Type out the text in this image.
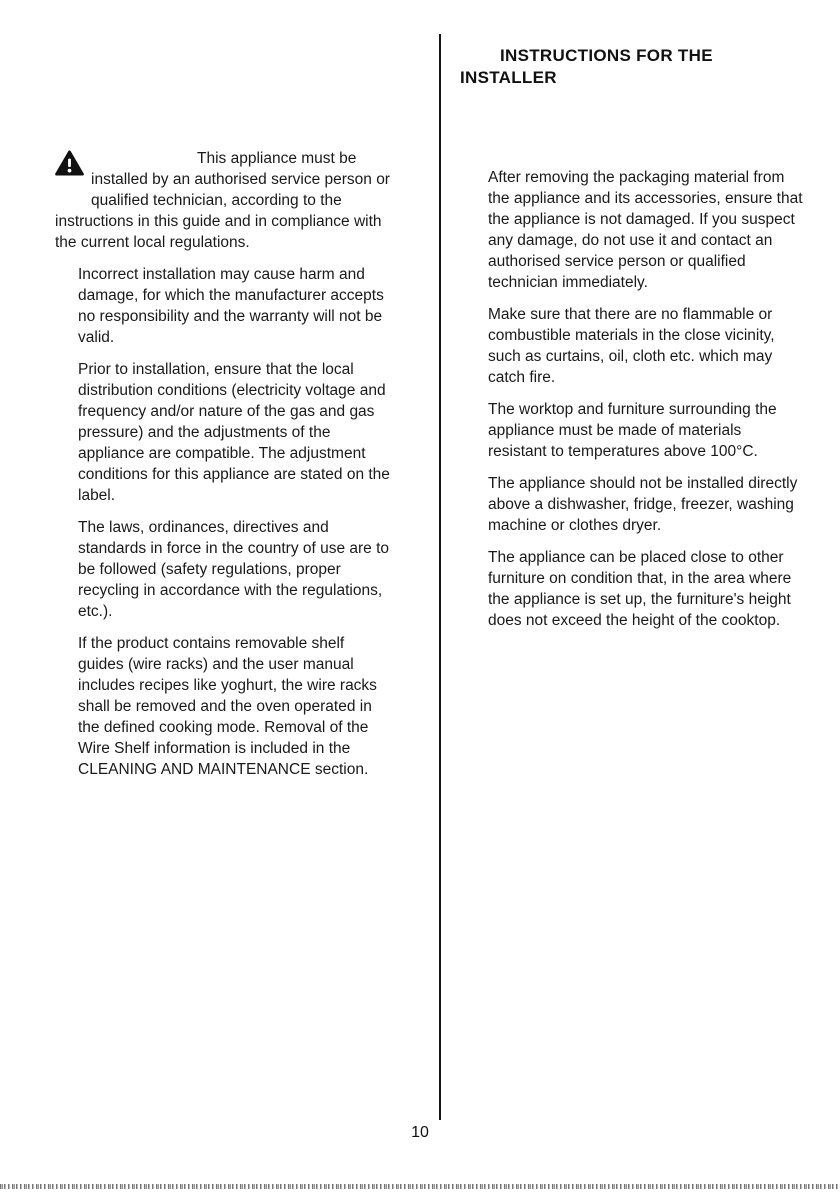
INSTRUCTIONS FOR THE
INSTALLER

After removing the packaging material from the appliance and its accessories, ensure that the appliance is not damaged. If you suspect any damage, do not use it and contact an authorised service person or qualified technician immediately.

Make sure that there are no flammable or combustible materials in the close vicinity, such as curtains, oil, cloth etc. which may catch fire.

The worktop and furniture surrounding the appliance must be made of materials resistant to temperatures above 100°C.

The appliance should not be installed directly above a dishwasher, fridge, freezer, washing machine or clothes dryer.

The appliance can be placed close to other furniture on condition that, in the area where the appliance is set up, the furniture's height does not exceed the height of the cooktop.

This appliance must be installed by an authorised service person or qualified technician, according to the instructions in this guide and in compliance with the current local regulations.

Incorrect installation may cause harm and damage, for which the manufacturer accepts no responsibility and the warranty will not be valid.

Prior to installation, ensure that the local distribution conditions (electricity voltage and frequency and/or nature of the gas and gas pressure) and the adjustments of the appliance are compatible. The adjustment conditions for this appliance are stated on the label.

The laws, ordinances, directives and standards in force in the country of use are to be followed (safety regulations, proper recycling in accordance with the regulations, etc.).

If the product contains removable shelf guides (wire racks) and the user manual includes recipes like yoghurt, the wire racks shall be removed and the oven operated in the defined cooking mode. Removal of the Wire Shelf information is included in the CLEANING AND MAINTENANCE section.

10
